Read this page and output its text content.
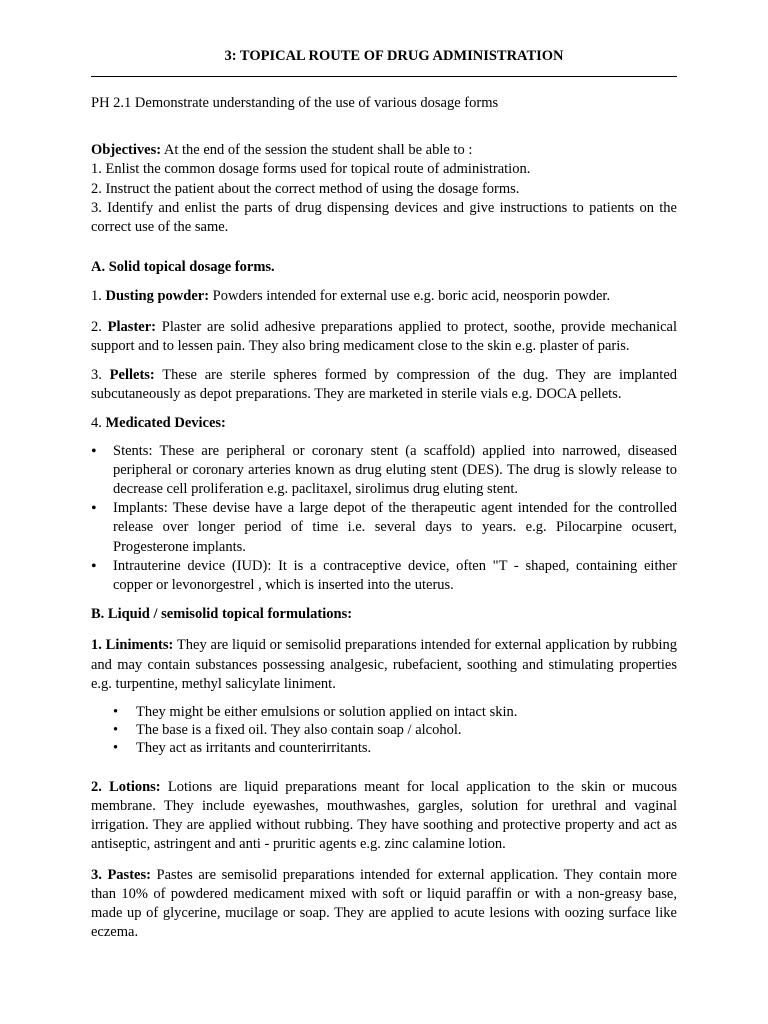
3: TOPICAL ROUTE OF DRUG ADMINISTRATION

PH 2.1 Demonstrate understanding of the use of various dosage forms

Objectives: At the end of the session the student shall be able to :
1. Enlist the common dosage forms used for topical route of administration.
2. Instruct the patient about the correct method of using the dosage forms.
3. Identify and enlist the parts of drug dispensing devices and give instructions to patients on the correct use of the same.

A. Solid topical dosage forms.

1. Dusting powder: Powders intended for external use e.g. boric acid, neosporin powder.

2. Plaster: Plaster are solid adhesive preparations applied to protect, soothe, provide mechanical support and to lessen pain. They also bring medicament close to the skin e.g. plaster of paris.

3. Pellets: These are sterile spheres formed by compression of the dug. They are implanted subcutaneously as depot preparations. They are marketed in sterile vials e.g. DOCA pellets.

4. Medicated Devices:

• Stents: These are peripheral or coronary stent (a scaffold) applied into narrowed, diseased peripheral or coronary arteries known as drug eluting stent (DES). The drug is slowly release to decrease cell proliferation e.g. paclitaxel, sirolimus drug eluting stent.
• Implants: These devise have a large depot of the therapeutic agent intended for the controlled release over longer period of time i.e. several days to years. e.g. Pilocarpine ocusert, Progesterone implants.
• Intrauterine device (IUD): It is a contraceptive device, often "T - shaped, containing either copper or levonorgestrel , which is inserted into the uterus.

B. Liquid / semisolid topical formulations:

1. Liniments: They are liquid or semisolid preparations intended for external application by rubbing and may contain substances possessing analgesic, rubefacient, soothing and stimulating properties e.g. turpentine, methyl salicylate liniment.

• They might be either emulsions or solution applied on intact skin.
• The base is a fixed oil. They also contain soap / alcohol.
• They act as irritants and counterirritants.

2. Lotions: Lotions are liquid preparations meant for local application to the skin or mucous membrane. They include eyewashes, mouthwashes, gargles, solution for urethral and vaginal irrigation. They are applied without rubbing. They have soothing and protective property and act as antiseptic, astringent and anti - pruritic agents e.g. zinc calamine lotion.

3. Pastes: Pastes are semisolid preparations intended for external application. They contain more than 10% of powdered medicament mixed with soft or liquid paraffin or with a non-greasy base, made up of glycerine, mucilage or soap. They are applied to acute lesions with oozing surface like eczema.
